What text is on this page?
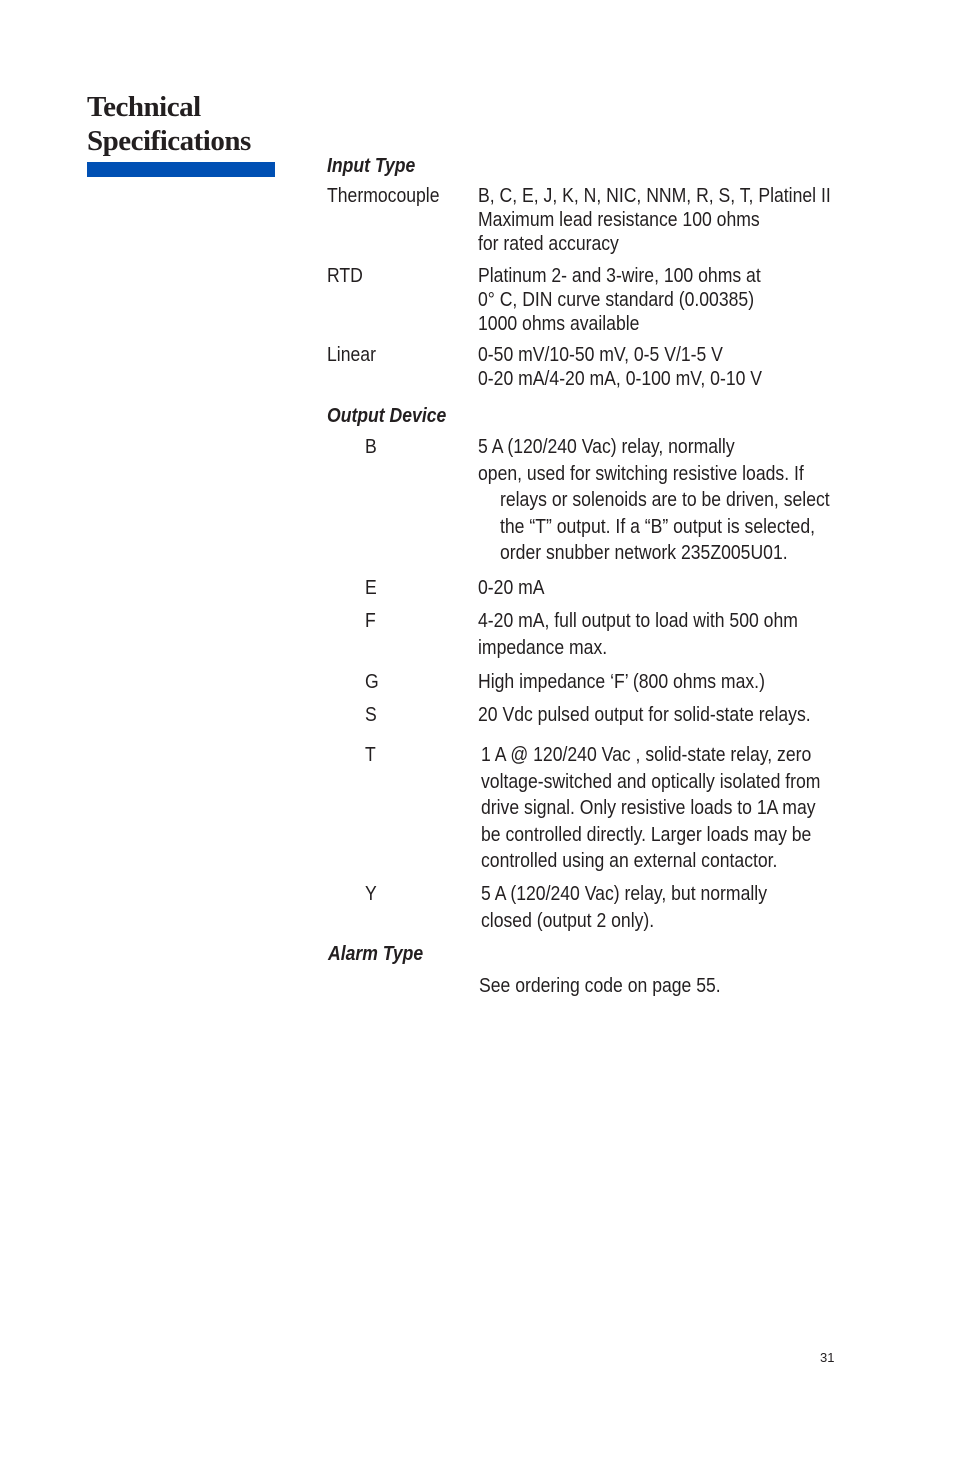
Technical
Specifications
Input Type
Thermocouple B, C, E, J, K, N, NIC, NNM, R, S, T, Platinel II
Maximum lead resistance 100 ohms
for rated accuracy
RTD	Platinum 2- and 3-wire, 100 ohms at
0° C, DIN curve standard (0.00385)
1000 ohms available
Linear	0-50 mV/10-50 mV, 0-5 V/1-5 V
0-20 mA/4-20 mA, 0-100 mV, 0-10 V
Output Device
B	5 A (120/240 Vac) relay, normally
open, used for switching resistive loads. If
relays or solenoids are to be driven, select
the “T” output. If a “B” output is selected,
order snubber network 235Z005U01.
E	0-20 mA
F	4-20 mA, full output to load with 500 ohm
impedance max.
G	High impedance ‘F’ (800 ohms max.)
S	20 Vdc pulsed output for solid-state relays.
T	1 A @ 120/240 Vac , solid-state relay, zero
voltage-switched and optically isolated from
drive signal. Only resistive loads to 1A may
be controlled directly. Larger loads may be
controlled using an external contactor.
Y	5 A (120/240 Vac) relay, but normally
closed (output 2 only).
Alarm Type
See ordering code on page 55.
31
